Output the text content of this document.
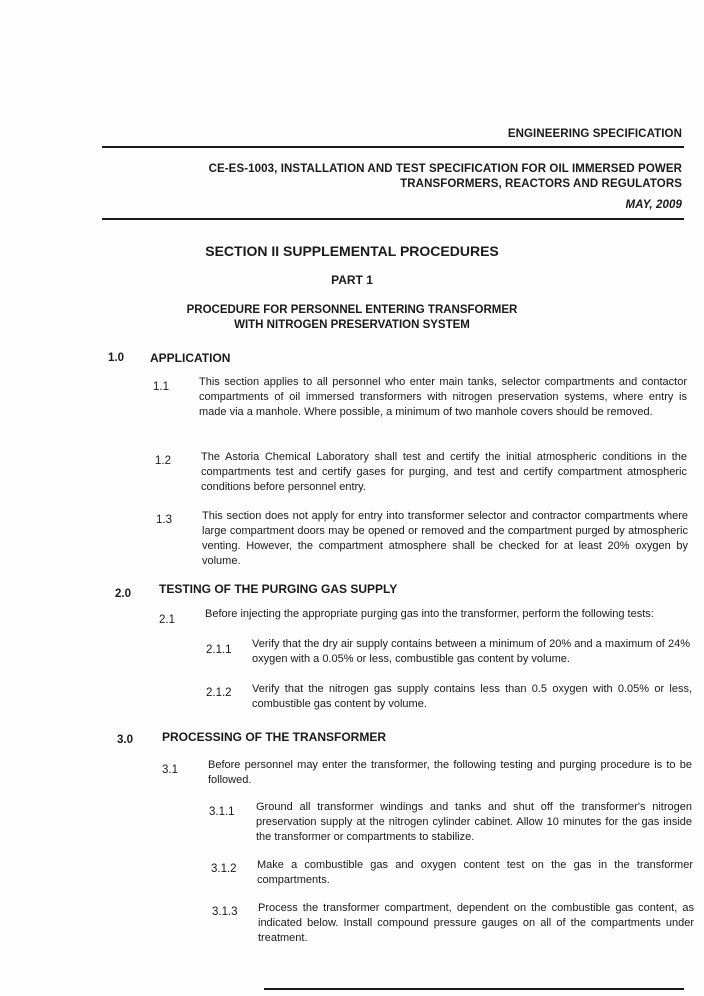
ENGINEERING SPECIFICATION
CE-ES-1003, INSTALLATION AND TEST SPECIFICATION FOR OIL IMMERSED POWER
TRANSFORMERS, REACTORS AND REGULATORS
MAY, 2009
SECTION II SUPPLEMENTAL PROCEDURES
PART 1
PROCEDURE FOR PERSONNEL ENTERING TRANSFORMER
WITH NITROGEN PRESERVATION SYSTEM
1.0 APPLICATION
1.1	This section applies to all personnel who enter main tanks, selector compartments and contactor compartments of oil immersed transformers with nitrogen preservation systems, where entry is made via a manhole. Where possible, a minimum of two manhole covers should be removed.
1.2	The Astoria Chemical Laboratory shall test and certify the initial atmospheric conditions in the compartments test and certify gases for purging, and test and certify compartment atmospheric conditions before personnel entry.
1.3	This section does not apply for entry into transformer selector and contractor compartments where large compartment doors may be opened or removed and the compartment purged by atmospheric venting. However, the compartment atmosphere shall be checked for at least 20% oxygen by volume.
2.0 TESTING OF THE PURGING GAS SUPPLY
2.1	Before injecting the appropriate purging gas into the transformer, perform the following tests:
2.1.1 Verify that the dry air supply contains between a minimum of 20% and a maximum of 24% oxygen with a 0.05% or less, combustible gas content by volume.
2.1.2 Verify that the nitrogen gas supply contains less than 0.5 oxygen with 0.05% or less, combustible gas content by volume.
3.0 PROCESSING OF THE TRANSFORMER
3.1	Before personnel may enter the transformer, the following testing and purging procedure is to be followed.
3.1.1 Ground all transformer windings and tanks and shut off the transformer's nitrogen preservation supply at the nitrogen cylinder cabinet. Allow 10 minutes for the gas inside the transformer or compartments to stabilize.
3.1.2 Make a combustible gas and oxygen content test on the gas in the transformer compartments.
3.1.3 Process the transformer compartment, dependent on the combustible gas content, as indicated below. Install compound pressure gauges on all of the compartments under treatment.
